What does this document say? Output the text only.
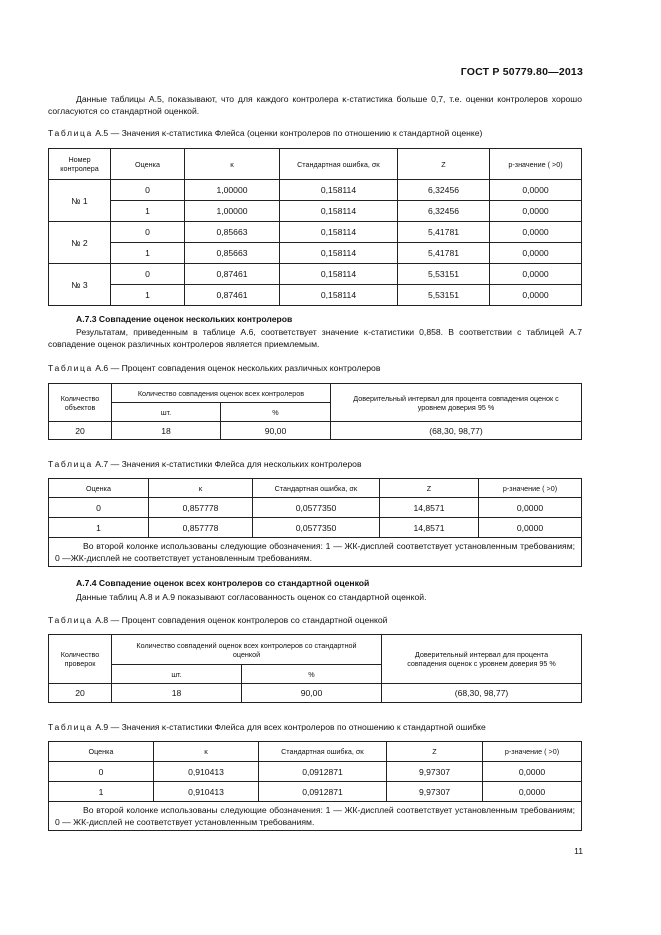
ГОСТ Р 50779.80—2013
Данные таблицы А.5, показывают, что для каждого контролера κ-статистика больше 0,7, т.е. оценки контролеров хорошо согласуются со стандартной оценкой.
Таблица А.5 — Значения κ-статистика Флейса (оценки контролеров по отношению к стандартной оценке)
Номер контролера	Оценка	κ	Стандартная ошибка, σκ	Z	p-значение ( >0)
№ 1	0	1,00000	0,158114	6,32456	0,0000
	1	1,00000	0,158114	6,32456	0,0000
№ 2	0	0,85663	0,158114	5,41781	0,0000
	1	0,85663	0,158114	5,41781	0,0000
№ 3	0	0,87461	0,158114	5,53151	0,0000
	1	0,87461	0,158114	5,53151	0,0000
А.7.3 Совпадение оценок нескольких контролеров
Результатам, приведенным в таблице А.6, соответствует значение κ-статистики 0,858. В соответствии с таблицей А.7 совпадение оценок различных контролеров является приемлемым.
Таблица А.6 — Процент совпадения оценок нескольких различных контролеров
Количество объектов	Количество совпадения оценок всех контролеров		Доверительный интервал для процента совпадения оценок с уровнем доверия 95 %
	шт.	%	
20	18	90,00	(68,30, 98,77)
Таблица А.7 — Значения κ-статистики Флейса для нескольких контролеров
Оценка	κ	Стандартная ошибка, σκ	Z	p-значение ( >0)
0	0,857778	0,0577350	14,8571	0,0000
1	0,857778	0,0577350	14,8571	0,0000
Во второй колонке использованы следующие обозначения: 1 — ЖК-дисплей соответствует установленным требованиям; 0 —ЖК-дисплей не соответствует установленным требованиям.				
А.7.4 Совпадение оценок всех контролеров со стандартной оценкой
Данные таблиц А.8 и А.9 показывают согласованность оценок со стандартной оценкой.
Таблица А.8 — Процент совпадения оценок контролеров со стандартной оценкой
Количество проверок	Количество совпадений оценок всех контролеров со стандартной оценкой		Доверительный интервал для процента совпадения оценок с уровнем доверия 95 %
	шт.	%	
20	18	90,00	(68,30, 98,77)
Таблица А.9 — Значения κ-статистики Флейса для всех контролеров по отношению к стандартной ошибке
Оценка	κ	Стандартная ошибка, σκ	Z	p-значение ( >0)
0	0,910413	0,0912871	9,97307	0,0000
1	0,910413	0,0912871	9,97307	0,0000
Во второй колонке использованы следующие обозначения: 1 — ЖК-дисплей соответствует установленным требованиям; 0 — ЖК-дисплей не соответствует установленным требованиям.				
11
